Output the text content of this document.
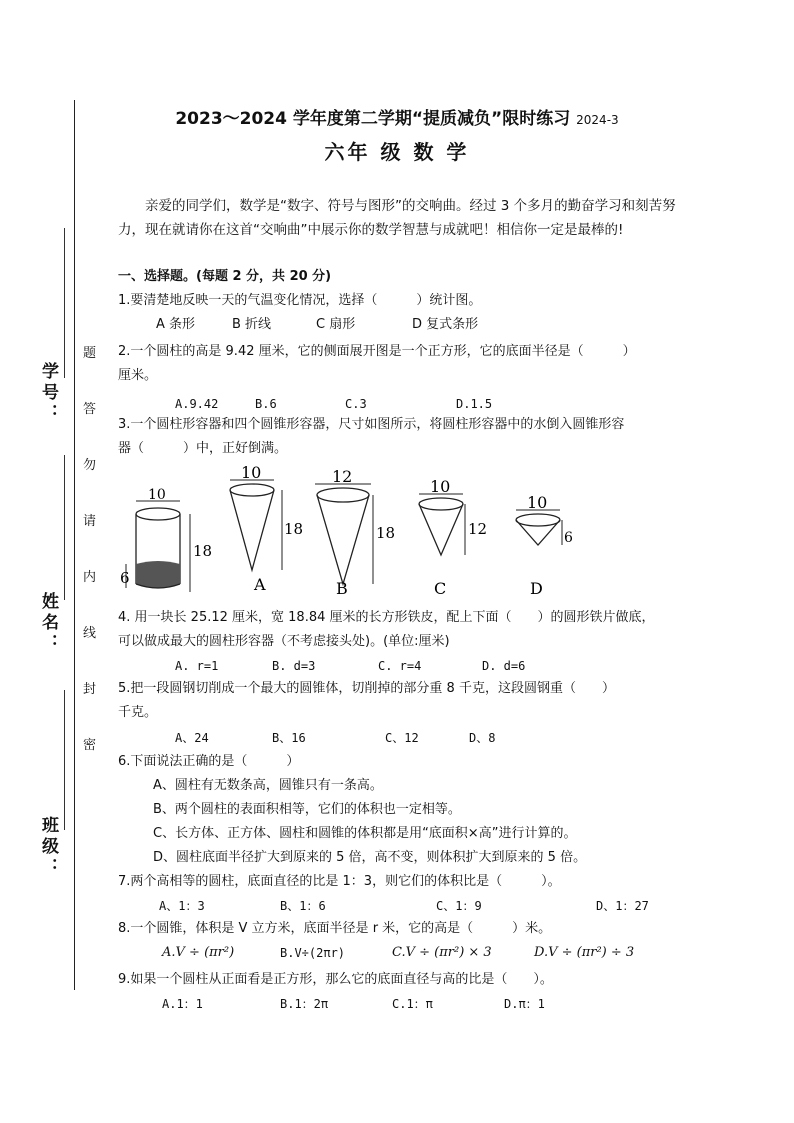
学号：
姓名：
班级：
题
答
勿
请
内
线
封
密
2023～2024 学年度第二学期“提质减负”限时练习 2024-3
六年 级 数 学
亲爱的同学们，数学是“数字、符号与图形”的交响曲。经过 3 个多月的勤奋学习和刻苦努力，现在就请你在这首“交响曲”中展示你的数学智慧与成就吧！相信你一定是最棒的!
一、选择题。(每题 2 分，共 20 分)
1.要清楚地反映一天的气温变化情况，选择（　　　）统计图。
A 条形	B 折线	C 扇形	D 复式条形
2.一个圆柱的高是 9.42 厘米，它的侧面展开图是一个正方形，它的底面半径是（　　　）
厘米。
A.9.42	B.6	C.3	D.1.5
3.一个圆柱形容器和四个圆锥形容器，尺寸如图所示，将圆柱形容器中的水倒入圆锥形容
器（　　　）中，正好倒满。
10
18
6
10
18
A
12
18
B
10
12
C
10
6
D
4. 用一块长 25.12 厘米，宽 18.84 厘米的长方形铁皮，配上下面（　　）的圆形铁片做底，
可以做成最大的圆柱形容器（不考虑接头处)。(单位:厘米)
A. r=1	B. d=3	C. r=4	D. d=6
5.把一段圆钢切削成一个最大的圆锥体，切削掉的部分重 8 千克，这段圆钢重（　　）
千克。
A、24	B、16	C、12	D、8
6.下面说法正确的是（　　　）
A、圆柱有无数条高，圆锥只有一条高。
B、两个圆柱的表面积相等，它们的体积也一定相等。
C、长方体、正方体、圆柱和圆锥的体积都是用“底面积×高”进行计算的。
D、圆柱底面半径扩大到原来的 5 倍，高不变，则体积扩大到原来的 5 倍。
7.两个高相等的圆柱，底面直径的比是 1：3，则它们的体积比是（　　　）。
A、1：3	B、1：6	C、1：9	D、1：27
8.一个圆锥，体积是 V 立方米，底面半径是 r 米，它的高是（　　　）米。
A.V ÷ (πr²)	B.V÷(2πr)	C.V ÷ (πr²) × 3	D.V ÷ (πr²) ÷ 3
9.如果一个圆柱从正面看是正方形，那么它的底面直径与高的比是（　　）。
A.1：1	B.1：2π	C.1：π	D.π：1
